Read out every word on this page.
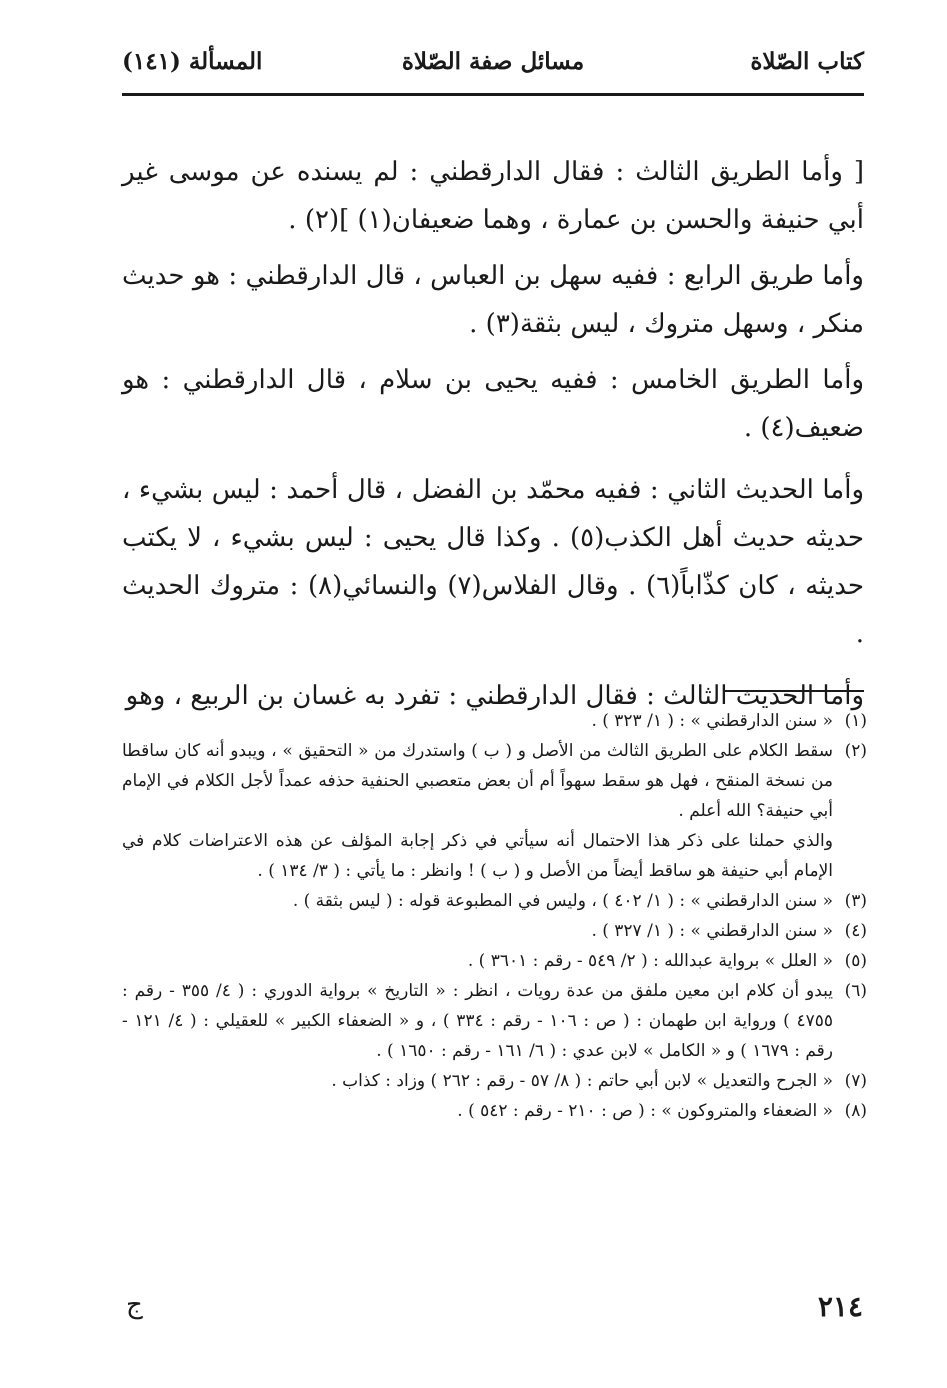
كتاب الصّلاة
مسائل صفة الصّلاة
المسألة (١٤١)

[ وأما الطريق الثالث : فقال الدارقطني : لم يسنده عن موسى غير أبي حنيفة والحسن بن عمارة ، وهما ضعيفان(١) ](٢) .

وأما طريق الرابع : ففيه سهل بن العباس ، قال الدارقطني : هو حديث منكر ، وسهل متروك ، ليس بثقة(٣) .

وأما الطريق الخامس : ففيه يحيى بن سلام ، قال الدارقطني : هو ضعيف(٤) .

وأما الحديث الثاني : ففيه محمّد بن الفضل ، قال أحمد : ليس بشيء ، حديثه حديث أهل الكذب(٥) . وكذا قال يحيى : ليس بشيء ، لا يكتب حديثه ، كان كذّاباً(٦) . وقال الفلاس(٧) والنسائي(٨) : متروك الحديث .

وأما الحديث الثالث : فقال الدارقطني : تفرد به غسان بن الربيع ، وهو

(١)
« سنن الدارقطني » : ( ١/ ٣٢٣ ) .
(٢)
سقط الكلام على الطريق الثالث من الأصل و ( ب ) واستدرك من « التحقيق » ، ويبدو أنه كان ساقطا من نسخة المنقح ، فهل هو سقط سهواً أم أن بعض متعصبي الحنفية حذفه عمداً لأجل الكلام في الإمام أبي حنيفة؟ الله أعلم .

والذي حملنا على ذكر هذا الاحتمال أنه سيأتي في ذكر إجابة المؤلف عن هذه الاعتراضات كلام في الإمام أبي حنيفة هو ساقط أيضاً من الأصل و ( ب ) ! وانظر : ما يأتي : ( ٣/ ١٣٤ ) .

(٣)
« سنن الدارقطني » : ( ١/ ٤٠٢ ) ، وليس في المطبوعة قوله : ( ليس بثقة ) .
(٤)
« سنن الدارقطني » : ( ١/ ٣٢٧ ) .
(٥)
« العلل » برواية عبدالله : ( ٢/ ٥٤٩ - رقم : ٣٦٠١ ) .
(٦)
يبدو أن كلام ابن معين ملفق من عدة رويات ، انظر : « التاريخ » برواية الدوري : ( ٤/ ٣٥٥ - رقم : ٤٧٥٥ ) ورواية ابن طهمان : ( ص : ١٠٦ - رقم : ٣٣٤ ) ، و « الضعفاء الكبير » للعقيلي : ( ٤/ ١٢١ - رقم : ١٦٧٩ ) و « الكامل » لابن عدي : ( ٦/ ١٦١ - رقم : ١٦٥٠ ) .
(٧)
« الجرح والتعديل » لابن أبي حاتم : ( ٨/ ٥٧ - رقم : ٢٦٢ ) وزاد : كذاب .
(٨)
« الضعفاء والمتروكون » : ( ص : ٢١٠ - رقم : ٥٤٢ ) .
٢١٤
ج
